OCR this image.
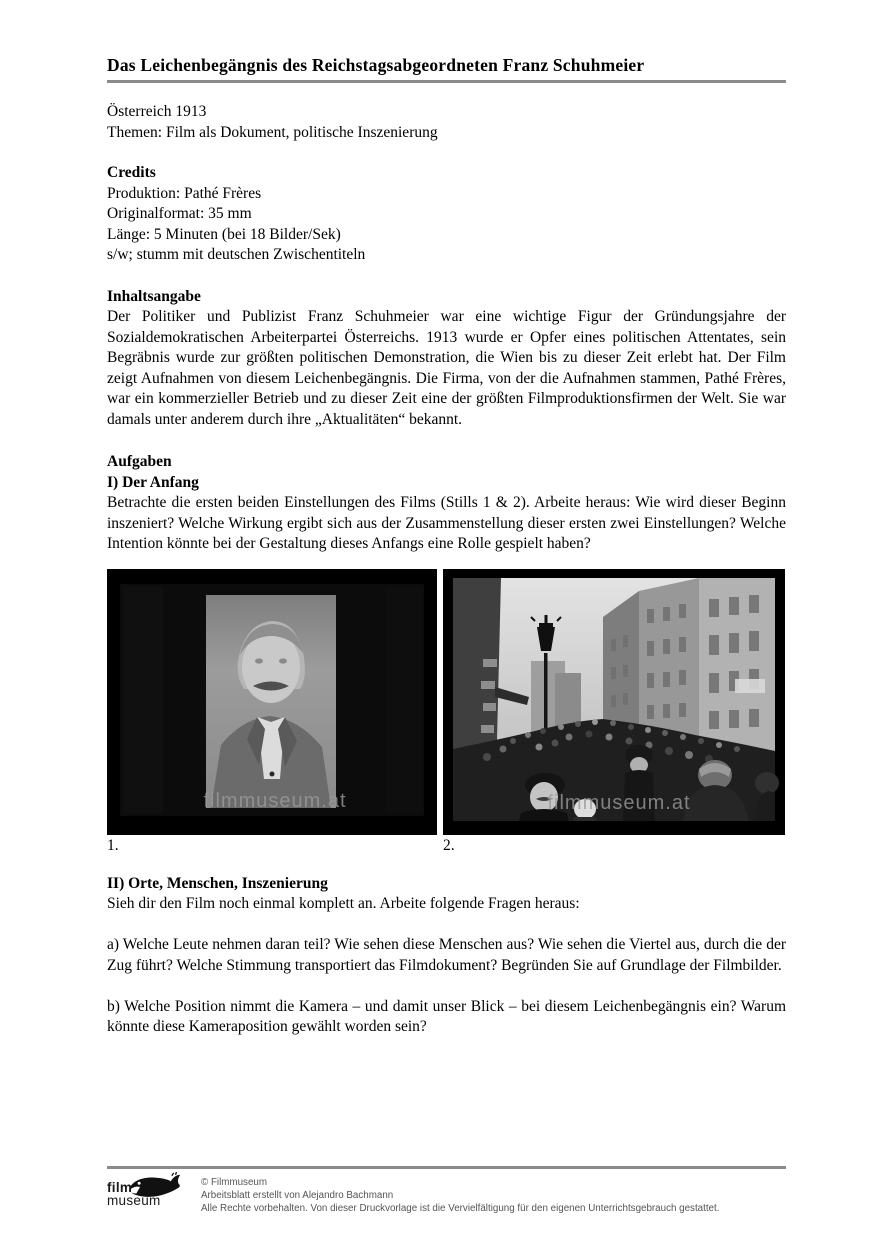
Das Leichenbegängnis des Reichstagsabgeordneten Franz Schuhmeier
Österreich 1913
Themen: Film als Dokument, politische Inszenierung
Credits
Produktion: Pathé Frères
Originalformat: 35 mm
Länge: 5 Minuten (bei 18 Bilder/Sek)
s/w; stumm mit deutschen Zwischentiteln
Inhaltsangabe
Der Politiker und Publizist Franz Schuhmeier war eine wichtige Figur der Gründungsjahre der Sozialdemokratischen Arbeiterpartei Österreichs. 1913 wurde er Opfer eines politischen Attentates, sein Begräbnis wurde zur größten politischen Demonstration, die Wien bis zu dieser Zeit erlebt hat. Der Film zeigt Aufnahmen von diesem Leichenbegängnis. Die Firma, von der die Aufnahmen stammen, Pathé Frères, war ein kommerzieller Betrieb und zu dieser Zeit eine der größten Filmproduktionsfirmen der Welt. Sie war damals unter anderem durch ihre „Aktualitäten“ bekannt.
Aufgaben
I) Der Anfang
Betrachte die ersten beiden Einstellungen des Films (Stills 1 & 2). Arbeite heraus: Wie wird dieser Beginn inszeniert? Welche Wirkung ergibt sich aus der Zusammenstellung dieser ersten zwei Einstellungen? Welche Intention könnte bei der Gestaltung dieses Anfangs eine Rolle gespielt haben?
filmmuseum.at	filmmuseum.at
1.	2.
II) Orte, Menschen, Inszenierung
Sieh dir den Film noch einmal komplett an. Arbeite folgende Fragen heraus:
a) Welche Leute nehmen daran teil? Wie sehen diese Menschen aus? Wie sehen die Viertel aus, durch die der Zug führt? Welche Stimmung transportiert das Filmdokument? Begründen Sie auf Grundlage der Filmbilder.
b) Welche Position nimmt die Kamera – und damit unser Blick – bei diesem Leichenbegängnis ein? Warum könnte diese Kameraposition gewählt worden sein?
film
museum
© Filmmuseum
Arbeitsblatt erstellt von Alejandro Bachmann
Alle Rechte vorbehalten. Von dieser Druckvorlage ist die Vervielfältigung für den eigenen Unterrichtsgebrauch gestattet.
